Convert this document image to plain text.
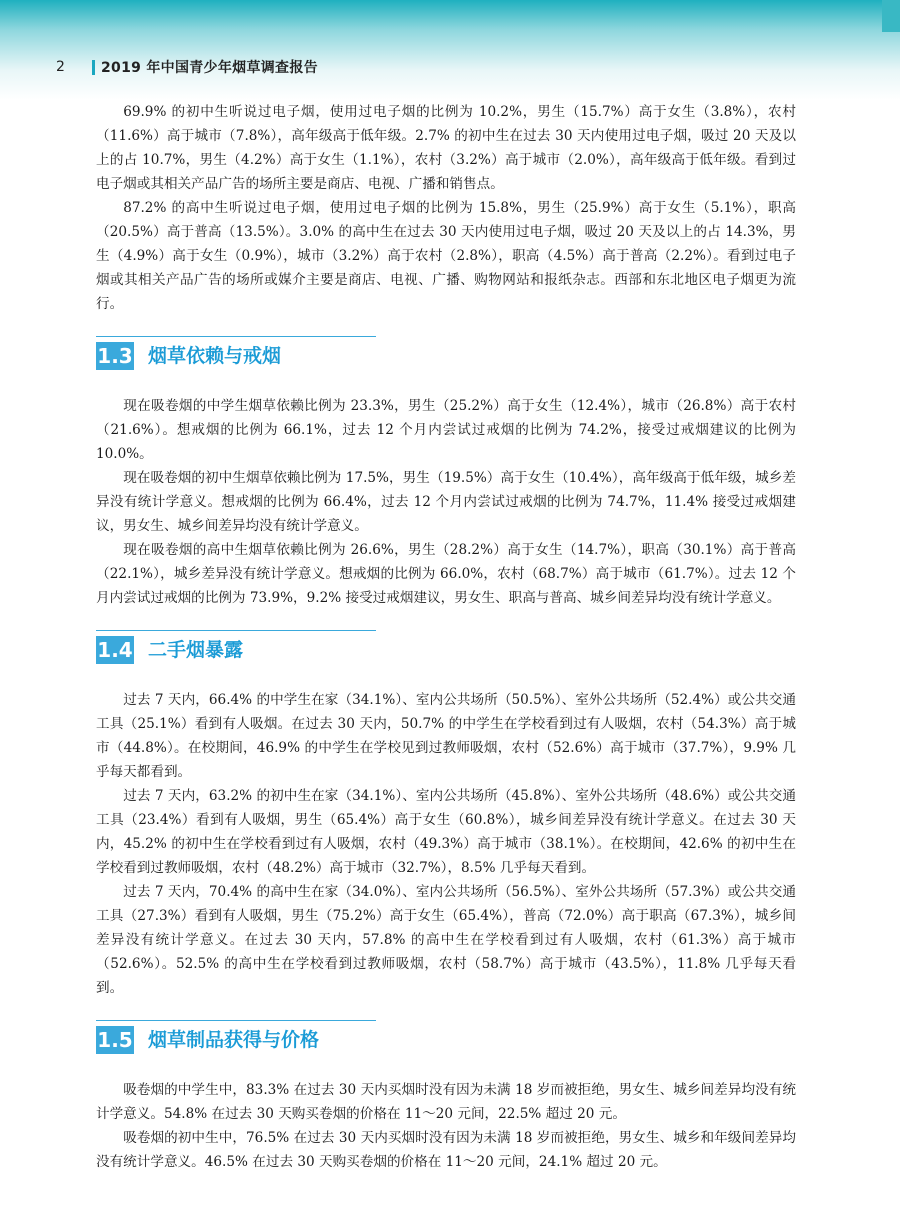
2	2019 年中国青少年烟草调查报告

69.9% 的初中生听说过电子烟，使用过电子烟的比例为 10.2%，男生（15.7%）高于女生（3.8%），农村（11.6%）高于城市（7.8%），高年级高于低年级。2.7% 的初中生在过去 30 天内使用过电子烟，吸过 20 天及以上的占 10.7%，男生（4.2%）高于女生（1.1%），农村（3.2%）高于城市（2.0%），高年级高于低年级。看到过电子烟或其相关产品广告的场所主要是商店、电视、广播和销售点。

87.2% 的高中生听说过电子烟，使用过电子烟的比例为 15.8%，男生（25.9%）高于女生（5.1%），职高（20.5%）高于普高（13.5%）。3.0% 的高中生在过去 30 天内使用过电子烟，吸过 20 天及以上的占 14.3%，男生（4.9%）高于女生（0.9%），城市（3.2%）高于农村（2.8%），职高（4.5%）高于普高（2.2%）。看到过电子烟或其相关产品广告的场所或媒介主要是商店、电视、广播、购物网站和报纸杂志。西部和东北地区电子烟更为流行。

1.3 烟草依赖与戒烟

现在吸卷烟的中学生烟草依赖比例为 23.3%，男生（25.2%）高于女生（12.4%），城市（26.8%）高于农村（21.6%）。想戒烟的比例为 66.1%，过去 12 个月内尝试过戒烟的比例为 74.2%，接受过戒烟建议的比例为 10.0%。

现在吸卷烟的初中生烟草依赖比例为 17.5%，男生（19.5%）高于女生（10.4%），高年级高于低年级，城乡差异没有统计学意义。想戒烟的比例为 66.4%，过去 12 个月内尝试过戒烟的比例为 74.7%，11.4% 接受过戒烟建议，男女生、城乡间差异均没有统计学意义。

现在吸卷烟的高中生烟草依赖比例为 26.6%，男生（28.2%）高于女生（14.7%），职高（30.1%）高于普高（22.1%），城乡差异没有统计学意义。想戒烟的比例为 66.0%，农村（68.7%）高于城市（61.7%）。过去 12 个月内尝试过戒烟的比例为 73.9%，9.2% 接受过戒烟建议，男女生、职高与普高、城乡间差异均没有统计学意义。

1.4 二手烟暴露

过去 7 天内，66.4% 的中学生在家（34.1%）、室内公共场所（50.5%）、室外公共场所（52.4%）或公共交通工具（25.1%）看到有人吸烟。在过去 30 天内，50.7% 的中学生在学校看到过有人吸烟，农村（54.3%）高于城市（44.8%）。在校期间，46.9% 的中学生在学校见到过教师吸烟，农村（52.6%）高于城市（37.7%），9.9% 几乎每天都看到。

过去 7 天内，63.2% 的初中生在家（34.1%）、室内公共场所（45.8%）、室外公共场所（48.6%）或公共交通工具（23.4%）看到有人吸烟，男生（65.4%）高于女生（60.8%），城乡间差异没有统计学意义。在过去 30 天内，45.2% 的初中生在学校看到过有人吸烟，农村（49.3%）高于城市（38.1%）。在校期间，42.6% 的初中生在学校看到过教师吸烟，农村（48.2%）高于城市（32.7%），8.5% 几乎每天看到。

过去 7 天内，70.4% 的高中生在家（34.0%）、室内公共场所（56.5%）、室外公共场所（57.3%）或公共交通工具（27.3%）看到有人吸烟，男生（75.2%）高于女生（65.4%），普高（72.0%）高于职高（67.3%），城乡间差异没有统计学意义。在过去 30 天内，57.8% 的高中生在学校看到过有人吸烟，农村（61.3%）高于城市（52.6%）。52.5% 的高中生在学校看到过教师吸烟，农村（58.7%）高于城市（43.5%），11.8% 几乎每天看到。

1.5 烟草制品获得与价格

吸卷烟的中学生中，83.3% 在过去 30 天内买烟时没有因为未满 18 岁而被拒绝，男女生、城乡间差异均没有统计学意义。54.8% 在过去 30 天购买卷烟的价格在 11～20 元间，22.5% 超过 20 元。

吸卷烟的初中生中，76.5% 在过去 30 天内买烟时没有因为未满 18 岁而被拒绝，男女生、城乡和年级间差异均没有统计学意义。46.5% 在过去 30 天购买卷烟的价格在 11～20 元间，24.1% 超过 20 元。
